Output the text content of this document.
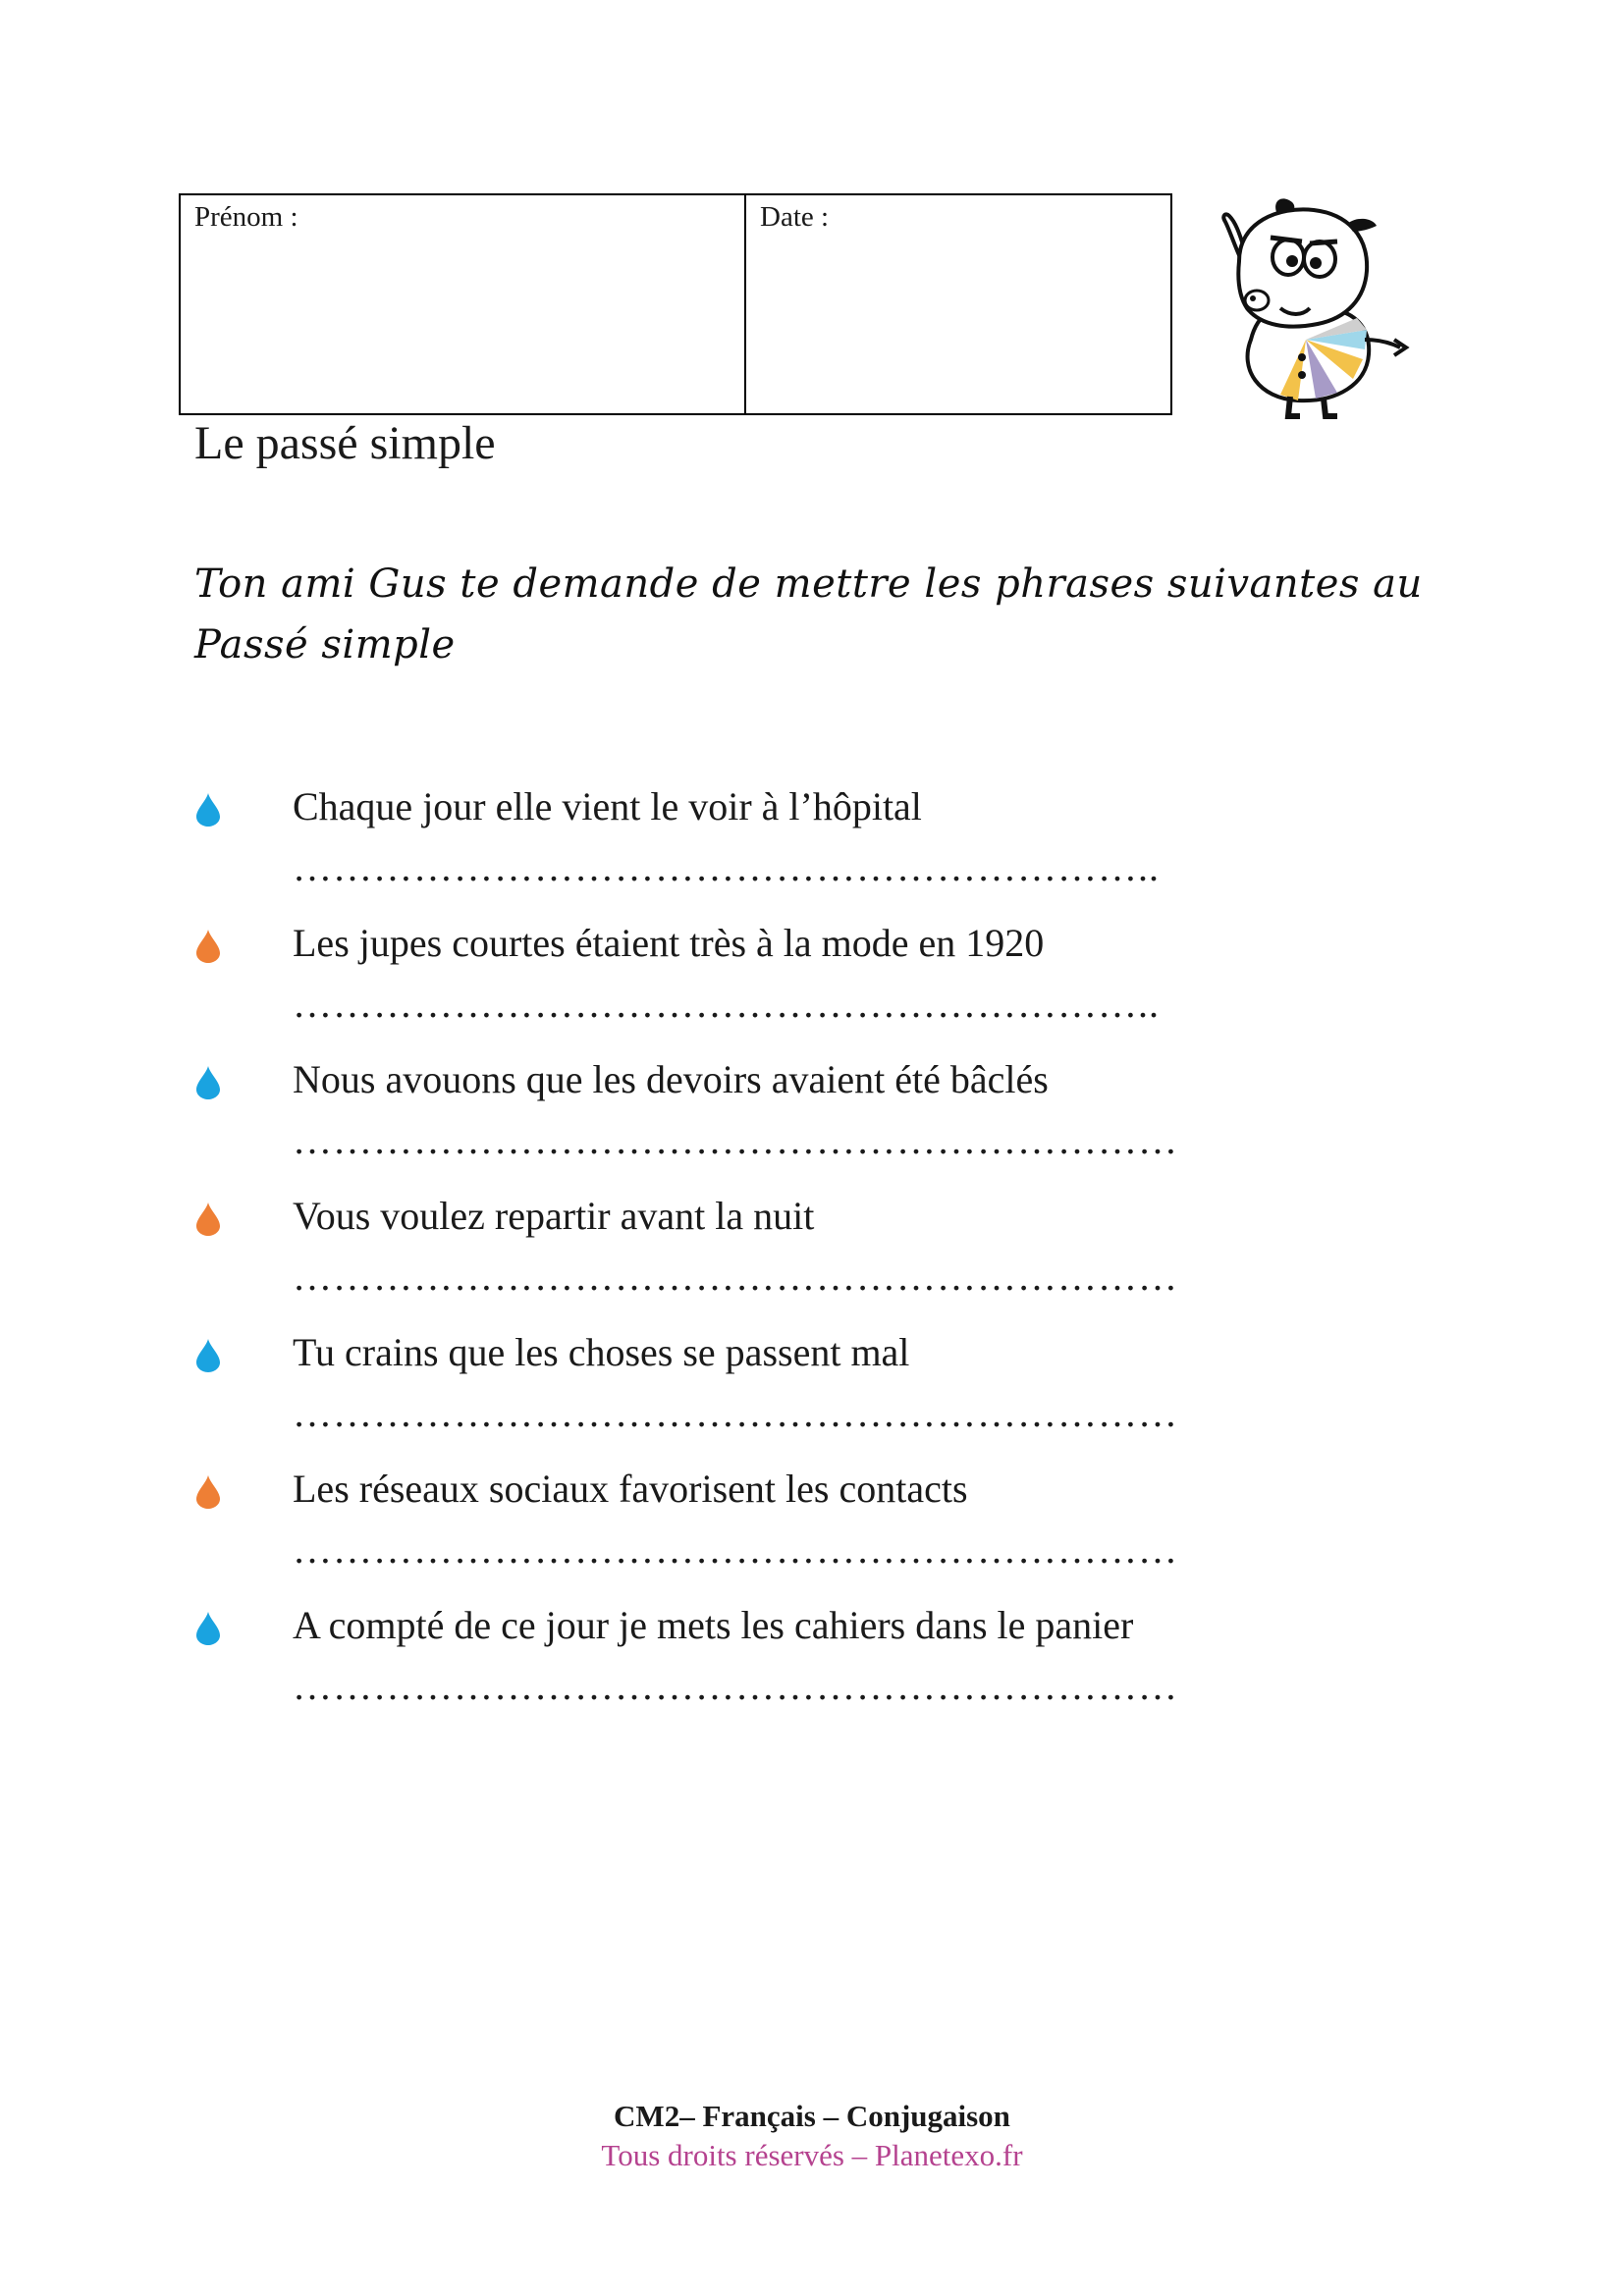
Prénom :	Date :
Le passé simple

Ton ami Gus te demande de mettre les phrases suivantes au Passé simple

Chaque jour elle vient le voir à l’hôpital
………………………………………………………..
Les jupes courtes étaient très à la mode en 1920
………………………………………………………..
Nous avouons que les devoirs avaient été bâclés
…………………………………………………………
Vous voulez repartir avant la nuit
…………………………………………………………
Tu crains que les choses se passent mal
…………………………………………………………
Les réseaux sociaux favorisent les contacts
…………………………………………………………
A compté de ce jour je mets les cahiers dans le panier
…………………………………………………………
CM2– Français – Conjugaison
Tous droits réservés – Planetexo.fr
